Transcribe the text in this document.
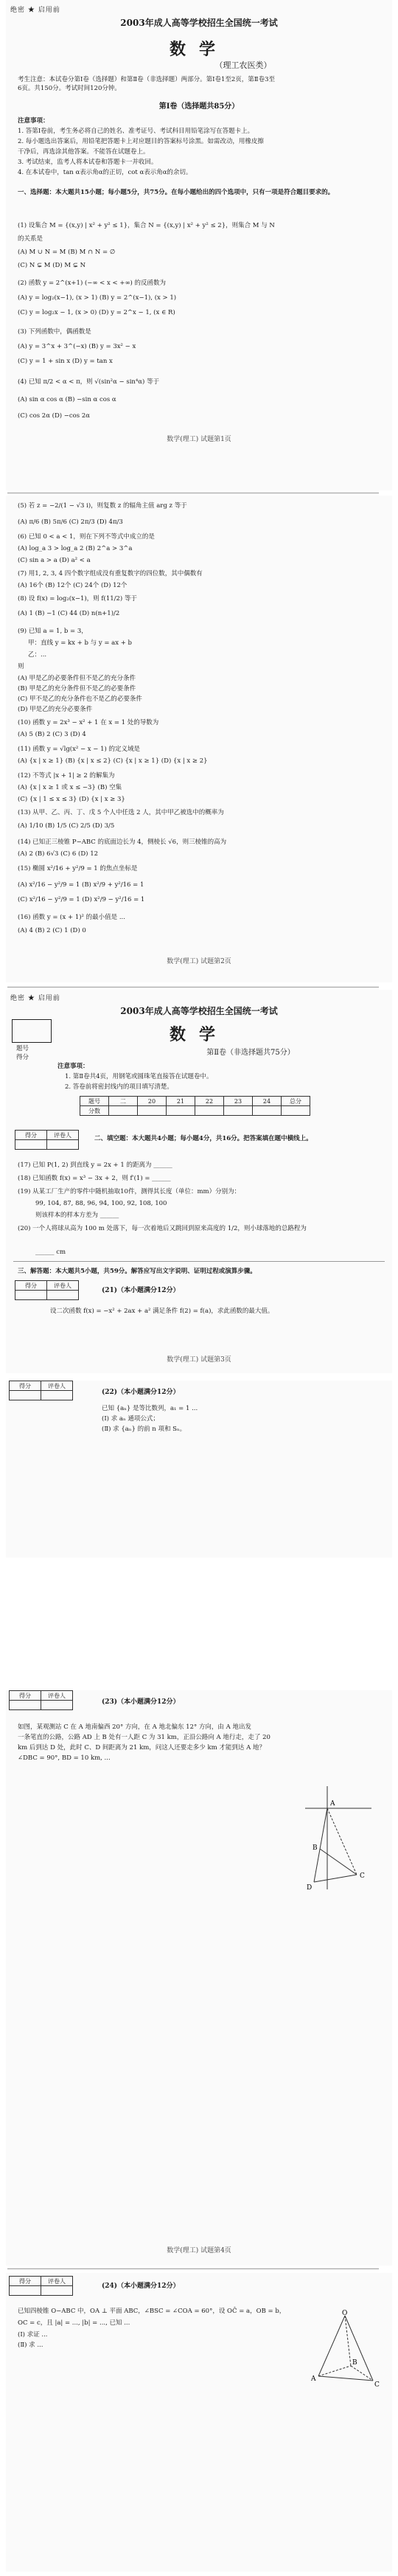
绝密 ★ 启用前
2003年成人高等学校招生全国统一考试
数学
（理工农医类）
考生注意：本试卷分第Ⅰ卷（选择题）和第Ⅱ卷（非选择题）两部分。第Ⅰ卷1至2页，第Ⅱ卷3至
6页。共150分。考试时间120分钟。
第Ⅰ卷（选择题共85分）
注意事项：
1. 答第Ⅰ卷前，考生务必将自己的姓名、准考证号、考试科目用铅笔涂写在答题卡上。
2. 每小题选出答案后，用铅笔把答题卡上对应题目的答案标号涂黑。如需改动，用橡皮擦
干净后，再选涂其他答案。不能答在试题卷上。
3. 考试结束，监考人将本试卷和答题卡一并收回。
4. 在本试卷中，tan α表示角α的正切，cot α表示角α的余切。
一、选择题：本大题共15小题；每小题5分，共75分。在每小题给出的四个选项中，只有一项是符合题目要求的。
(1) 设集合 M = {(x,y) | x² + y² ≤ 1}，集合 N = {(x,y) | x² + y² ≤ 2}，则集合 M 与 N
的关系是
(A) M ∪ N = M (B) M ∩ N = ∅
(C) N ⊊ M (D) M ⊊ N
(2) 函数 y = 2^(x+1) (−∞ < x < +∞) 的反函数为
(A) y = log₂(x−1), (x > 1) (B) y = 2^(x−1), (x > 1)
(C) y = log₂x − 1, (x > 0) (D) y = 2^x − 1, (x ∈ R)
(3) 下列函数中，偶函数是
(A) y = 3^x + 3^(−x) (B) y = 3x² − x
(C) y = 1 + sin x (D) y = tan x
(4) 已知 π/2 < α < π，则 √(sin²α − sin⁴α) 等于
(A) sin α cos α (B) −sin α cos α
(C) cos 2α (D) −cos 2α
数学(理工) 试题第1页
(5) 若 z = −2/(1 − √3 i)，则复数 z 的辐角主值 arg z 等于
(A) π/6 (B) 5π/6 (C) 2π/3 (D) 4π/3
(6) 已知 0 < a < 1，则在下列不等式中成立的是
(A) log_a 3 > log_a 2 (B) 2^a > 3^a
(C) sin a > a (D) a² < a
(7) 用1, 2, 3, 4 四个数字组成没有重复数字的四位数，其中偶数有
(A) 16个 (B) 12个 (C) 24个 (D) 12个
(8) 设 f(x) = log₂(x−1)，则 f(11/2) 等于
(A) 1 (B) −1 (C) 44 (D) n(n+1)/2
(9) 已知 a = 1, b = 3，
甲：直线 y = kx + b 与 y = ax + b
乙：...
则
(A) 甲是乙的必要条件但不是乙的充分条件
(B) 甲是乙的充分条件但不是乙的必要条件
(C) 甲不是乙的充分条件也不是乙的必要条件
(D) 甲是乙的充分必要条件
(10) 函数 y = 2x³ − x² + 1 在 x = 1 处的导数为
(A) 5 (B) 2 (C) 3 (D) 4
(11) 函数 y = √lg(x² − x − 1) 的定义域是
(A) {x | x ≥ 1} (B) {x | x ≤ 2} (C) {x | x ≥ 1} (D) {x | x ≥ 2}
(12) 不等式 |x + 1| ≥ 2 的解集为
(A) {x | x ≥ 1 或 x ≤ −3} (B) 空集
(C) {x | 1 ≤ x ≤ 3} (D) {x | x ≥ 3}
(13) 从甲、乙、丙、丁、戊 5 个人中任选 2 人，其中甲乙被选中的概率为
(A) 1/10 (B) 1/5 (C) 2/5 (D) 3/5
(14) 已知正三棱锥 P−ABC 的底面边长为 4，侧棱长 √6，则三棱锥的高为
(A) 2 (B) 6√3 (C) 6 (D) 12
(15) 椭圆 x²/16 + y²/9 = 1 的焦点坐标是
(A) x²/16 − y²/9 = 1 (B) x²/9 + y²/16 = 1
(C) x²/16 − y²/9 = 1 (D) x²/9 − y²/16 = 1
(16) 函数 y = (x + 1)² 的最小值是 ...
(A) 4 (B) 2 (C) 1 (D) 0
数学(理工) 试题第2页
绝密 ★ 启用前
2003年成人高等学校招生全国统一考试
题号
得分
数学
第Ⅱ卷（非选择题共75分）
注意事项：
1. 第Ⅱ卷共4页，用钢笔或圆珠笔直接答在试题卷中。
2. 答卷前将密封线内的项目填写清楚。
题号	二	20	21	22	23	24	总分
分数							
得分	评卷人
		二、填空题：本大题共4小题；每小题4分，共16分。把答案填在题中横线上。
(17) 已知 P(1, 2) 到直线 y = 2x + 1 的距离为 ______
(18) 已知函数 f(x) = x³ − 3x + 2，则 f′(1) = ______
(19) 从某工厂生产的零件中随机抽取10件，测得其长度（单位：mm）分别为：
99, 104, 87, 88, 96, 94, 100, 92, 108, 100
则该样本的样本方差为 ______
(20) 一个人将球从高为 100 m 处落下，每一次着地后又跳回到原来高度的 1/2，则小球落地的总路程为
______ cm
三、解答题：本大题共5小题，共59分。解答应写出文字说明、证明过程或演算步骤。
得分	评卷人

(21)（本小题满分12分）
设二次函数 f(x) = −x² + 2ax + a² 满足条件 f(2) = f(a)，求此函数的最大值。
数学(理工) 试题第3页
得分	评卷人

(22)（本小题满分12分）
已知 {aₙ} 是等比数列，a₁ = 1 ...
(Ⅰ) 求 aₙ 通项公式；
(Ⅱ) 求 {aₙ} 的前 n 项和 Sₙ。
得分	评卷人

(23)（本小题满分12分）
如图，某观测站 C 在 A 地南偏西 20° 方向，在 A 地北偏东 12° 方向，由 A 地出发
一条笔直的公路，公路 AD 上 B 处有一人距 C 为 31 km，正沿公路向 A 地行走，走了 20
km 后到达 D 处，此时 C、D 间距离为 21 km，问这人还要走多少 km 才能到达 A 地？
∠DBC = 90°, BD = 10 km, ...
A
B
C
D
数学(理工) 试题第4页
得分	评卷人

(24)（本小题满分12分）
已知四棱锥 O−ABC 中，OA ⊥ 平面 ABC，∠BSC = ∠COA = 60°，设 OĈ = a，OB = b，
OC = c，且 |a| = ..., |b| = ..., 已知 ...
(Ⅰ) 求证 ...
(Ⅱ) 求 ...
O
A
B
C
